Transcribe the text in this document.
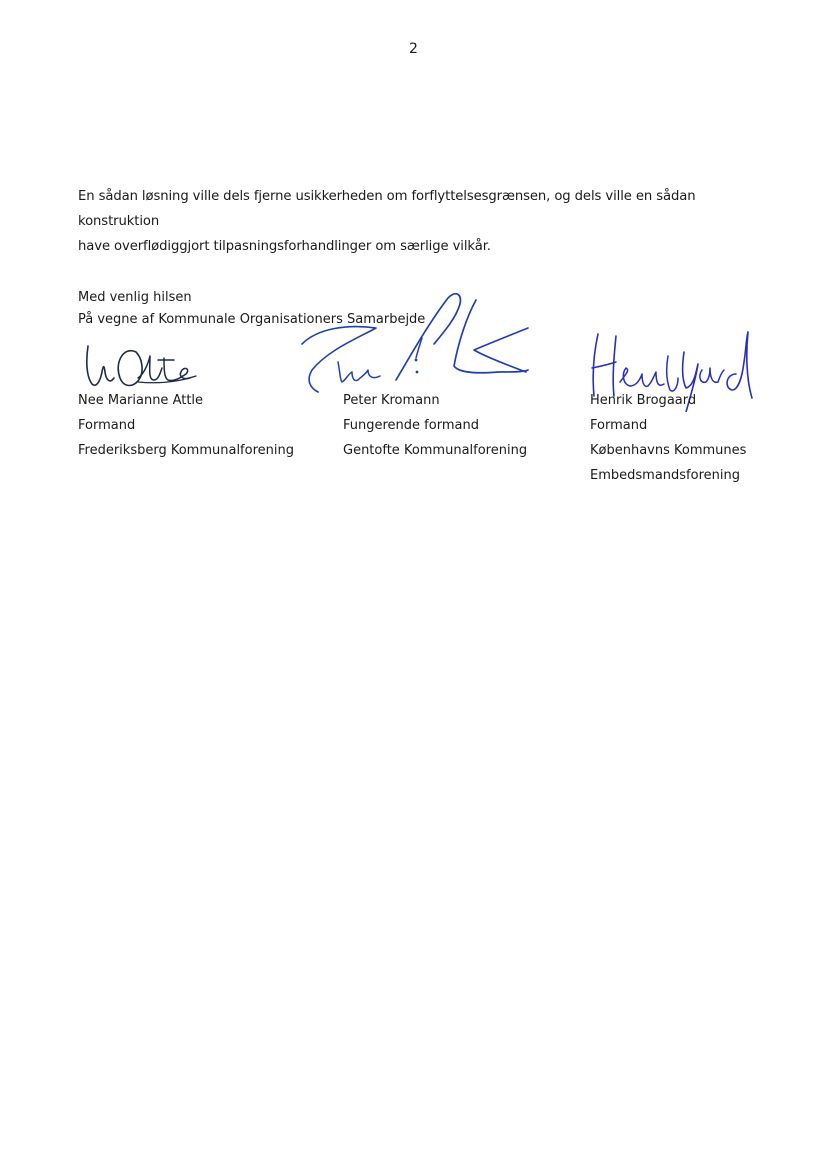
2

En sådan løsning ville dels fjerne usikkerheden om forflyttelsesgrænsen, og dels ville en sådan konstruktion

have overflødiggjort tilpasningsforhandlinger om særlige vilkår.

Med venlig hilsen
På vegne af Kommunale Organisationers Samarbejde
Nee Marianne Attle
Formand
Frederiksberg Kommunalforening
Peter Kromann
Fungerende formand
Gentofte Kommunalforening
Henrik Brogaard
Formand
Københavns Kommunes
Embedsmandsforening
